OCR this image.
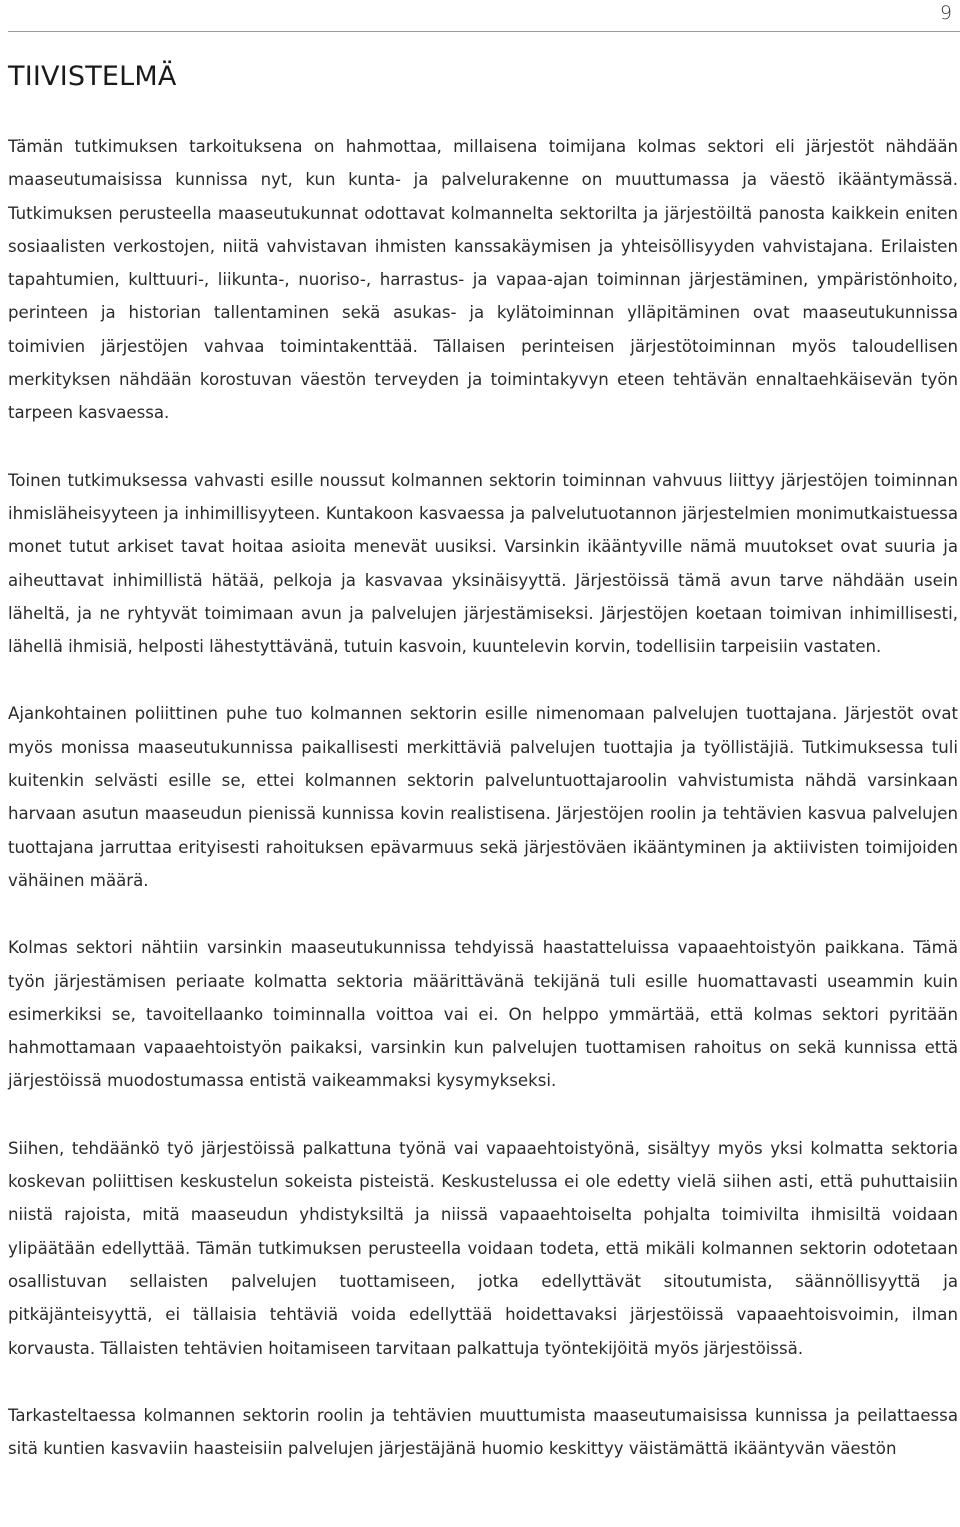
9
TIIVISTELMÄ

Tämän tutkimuksen tarkoituksena on hahmottaa, millaisena toimijana kolmas sektori eli järjestöt nähdään maaseutumaisissa kunnissa nyt, kun kunta- ja palvelurakenne on muuttumassa ja väestö ikääntymässä. Tutkimuksen perusteella maaseutukunnat odottavat kolmannelta sektorilta ja järjestöiltä panosta kaikkein eniten sosiaalisten verkostojen, niitä vahvistavan ihmisten kanssakäymisen ja yhteisöllisyyden vahvistajana. Erilaisten tapahtumien, kulttuuri-, liikunta-, nuoriso-, harrastus- ja vapaa-ajan toiminnan järjestäminen, ympäristönhoito, perinteen ja historian tallentaminen sekä asukas- ja kylätoiminnan ylläpitäminen ovat maaseutukunnissa toimivien järjestöjen vahvaa toimintakenttää. Tällaisen perinteisen järjestötoiminnan myös taloudellisen merkityksen nähdään korostuvan väestön terveyden ja toimintakyvyn eteen tehtävän ennaltaehkäisevän työn tarpeen kasvaessa.

Toinen tutkimuksessa vahvasti esille noussut kolmannen sektorin toiminnan vahvuus liittyy järjestöjen toiminnan ihmisläheisyyteen ja inhimillisyyteen. Kuntakoon kasvaessa ja palvelutuotannon järjestelmien monimutkaistuessa monet tutut arkiset tavat hoitaa asioita menevät uusiksi. Varsinkin ikääntyville nämä muutokset ovat suuria ja aiheuttavat inhimillistä hätää, pelkoja ja kasvavaa yksinäisyyttä. Järjestöissä tämä avun tarve nähdään usein läheltä, ja ne ryhtyvät toimimaan avun ja palvelujen järjestämiseksi. Järjestöjen koetaan toimivan inhimillisesti, lähellä ihmisiä, helposti lähestyttävänä, tutuin kasvoin, kuuntelevin korvin, todellisiin tarpeisiin vastaten.

Ajankohtainen poliittinen puhe tuo kolmannen sektorin esille nimenomaan palvelujen tuottajana. Järjestöt ovat myös monissa maaseutukunnissa paikallisesti merkittäviä palvelujen tuottajia ja työllistäjiä. Tutkimuksessa tuli kuitenkin selvästi esille se, ettei kolmannen sektorin palveluntuottajaroolin vahvistumista nähdä varsinkaan harvaan asutun maaseudun pienissä kunnissa kovin realistisena. Järjestöjen roolin ja tehtävien kasvua palvelujen tuottajana jarruttaa erityisesti rahoituksen epävarmuus sekä järjestöväen ikääntyminen ja aktiivisten toimijoiden vähäinen määrä.

Kolmas sektori nähtiin varsinkin maaseutukunnissa tehdyissä haastatteluissa vapaaehtoistyön paikkana. Tämä työn järjestämisen periaate kolmatta sektoria määrittävänä tekijänä tuli esille huomattavasti useammin kuin esimerkiksi se, tavoitellaanko toiminnalla voittoa vai ei. On helppo ymmärtää, että kolmas sektori pyritään hahmottamaan vapaaehtoistyön paikaksi, varsinkin kun palvelujen tuottamisen rahoitus on sekä kunnissa että järjestöissä muodostumassa entistä vaikeammaksi kysymykseksi.

Siihen, tehdäänkö työ järjestöissä palkattuna työnä vai vapaaehtoistyönä, sisältyy myös yksi kolmatta sektoria koskevan poliittisen keskustelun sokeista pisteistä. Keskustelussa ei ole edetty vielä siihen asti, että puhuttaisiin niistä rajoista, mitä maaseudun yhdistyksiltä ja niissä vapaaehtoiselta pohjalta toimivilta ihmisiltä voidaan ylipäätään edellyttää. Tämän tutkimuksen perusteella voidaan todeta, että mikäli kolmannen sektorin odotetaan osallistuvan sellaisten palvelujen tuottamiseen, jotka edellyttävät sitoutumista, säännöllisyyttä ja pitkäjänteisyyttä, ei tällaisia tehtäviä voida edellyttää hoidettavaksi järjestöissä vapaaehtoisvoimin, ilman korvausta. Tällaisten tehtävien hoitamiseen tarvitaan palkattuja työntekijöitä myös järjestöissä.

Tarkasteltaessa kolmannen sektorin roolin ja tehtävien muuttumista maaseutumaisissa kunnissa ja peilattaessa sitä kuntien kasvaviin haasteisiin palvelujen järjestäjänä huomio keskittyy väistämättä ikääntyvän väestön
